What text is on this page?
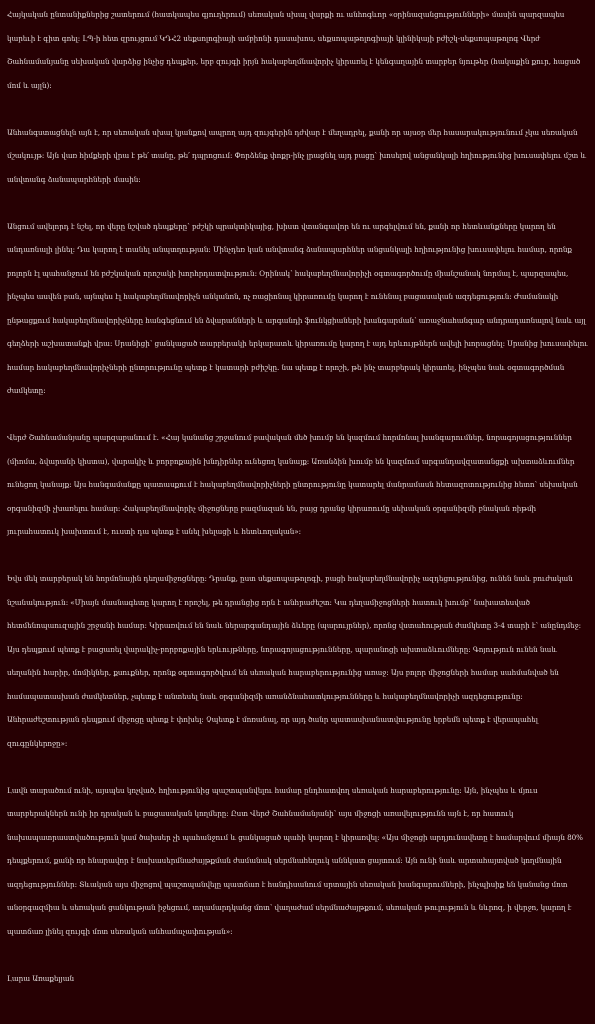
Հայկական ընտանիքներից շատերում (հատկապես գյուղերում) սեռական սխալ վարքի ու անհոգևոր «օրինազանցությունների» մասին պարզապես կարեւի է գիտ գոել: ԼՊ-ի հետ զրույցում ԿԴՀ2 սեքսոլոգիայի ամբիոնի դասախոս, սեքսոպաթոլոգիայի կլինիկայի բժիշկ-սեքսոպաթոլոգ Վերժ Շահնամանյանը սեխական վարձից ինչից դեպքեր, երբ զույգի իրյն հակաբեղմնավորիչ կիրառել է կենգաղային տարբեր նյութեր (հակաքին քուր, հացած մոմ և այլն):

Անհանգստացնելն այն է, որ սեռական սխալ կյանքով ապրող այդ զույգերին դժվար է մեղադրել, քանի որ այսօր մեր հասարակությունում չկա սեռական մշակույթ: Այն վառ հիմքերի վրա է թե՛ տանը, թե՛ դպրոցում: Փորձենք փոքր-ինչ լրացնել այդ բացը՝ խոսելով անցանկալի հղիությունից խուսափելու մշտ և անվտանգ ձանապարհների մասին:

Անցում ավելորդ է նշել, որ վերը նշված դեպքերը՝ բժշկի պրակտիկայից, խիստ վտանգավոր են ու արգելվում են, քանի որ հետևանքները կարող են անդառնալի լինել: Դա կարող է տանել անպտղության: Մինչդեռ կան անվտանգ ձանապարհներ անցանկալի հղիությունից խուսափելու համար, որոնք բոլորն էլ պահանջում են բժշկական որոշակի խորհրդատվություն: Օրինակ՝ հակաբեղմնավորիչի օգտագործումը միանշանակ նորմալ է, պարզապես, ինչպես ասվեն բան, այնպես էլ հակաբեղմնավորիչն անկանոն, ոչ ռացիոնալ կիրառումը կարող է ունենալ բացասական ազդեցություն: Ժամանակի ընթացքում հակաբեղմնավորիչները հանգեցնում են ձվարանների և արգանդի ֆունկցիաների խանգարման՝ առաջնահանգար անդրադառնալով նաև այլ գեղձերի աշխատանքի վրա: Սրանիցի՝ ցանկացած տարբերակի երկարատև կիրառումը կարող է այդ երևույթներն ավելի խորացնել: Սրանից խուսափելու համար հակաբեղմնավորիչների ընտրությունը պետք է կատարի բժիշկը. նա պետք է որոշի, թե ինչ տարբերակ կիրառել, ինչպես նաև օգտագործման ժամկետը:

Վերժ Շահնամանյանը պարզաբանում է. «Հայ կանանց շրջանում բավական մեծ խումբ են կազմում հորմոնալ խանգարումներ, նորագոյացություններ (միոմա, ձվարանի կիստա), վարակիչ և բորբոքային խնդիրներ ունեցող կանայք: Առանձին խումբ են կազմում արգանդավզատանցքի ախտաձևումներ ունեցող կանայք: Այս հանգամանքը պատասքում է հակաբեղմնավորիչների ընտրությունը կատարել մանրամասն հետազոտությունից հետո՝ սեխական օրգանիզմի չխառելու համար: Հակաբեղմնավորիչ միջոցները բազմազան են, բայց դրանց կիրառումը սեխական օրգանիզմի բնական ռիթմի յուրահատուկ խախտում է, ուստի դա պետք է անել խելացի և հետևողական»:

Եվս մեկ տարբերակ են հորմոնային դեղամիջոցները: Դրանք, ըստ սեքսոպաթոլոգի, բացի հակաբեղմնավորիչ ազդեցությունից, ունեն նաև բուժական նշանակություն: «Միայն մասնագետը կարող է որոշել, թե դրանցից որն է անհրաժեշտ: Կա դեղամիջոցների հատուկ խումբ՝ նախատեսված հետմենոպաուզային շրջանի համար: Կիրառվում են նաև ներարգանդային ձևերը (պարույրներ), որոնց վստահության ժամկետը 3-4 տարի է՝ անընդմեջ: Այս դեպքում պետք է բացառել վարակիչ-բորբոքային երևույթները, նորագոյացությունները, պարանոցի ախտաձևումները: Գոյություն ունեն նաև սեղանին հարիր, մոմիկներ, քսուքներ, որոնք օգտագործվում են սեռական հարաբերությունից առաջ: Այս բոլոր միջոցների համար սահմանված են համապատասխան ժամկետներ, չպետք է անտեսել նաև օրգանիզմի առանձնահատկությունները և հակաբեղմնավորիչի ազդեցությունը: Անհրաժեշտության դեպքում միջոցը պետք է փոխել: Չպետք է մոռանալ, որ այդ ծանր պատասխանատվությունը երբեմն պետք է վերապահել զուգընկերոջը»:

Լավն տարածում ունի, այսպես կոչված, հղիությունից պաշտպանվելու համար ընդհատվող սեռական հարաբերությունը: Այն, ինչպես և մյուս տարբերակներն ունի իր դրական և բացասական կողմերը: Ըստ Վերժ Շահնամանյանի՝ այս միջոցի առավելությունն այն է, որ հատուկ նախապատրաստվածություն կամ ծախսեր չի պահանջում և ցանկացած պահի կարող է կիրառվել: «Այս միջոցի արդյունավետը է համարվում միայն 80% դեպքերում, քանի որ հնարավոր է նախասերմնաժայթքման ժամանակ սերմնահեղուկ աննկատ ցայտում: Այն ունի նաև արտահայտված կողմնային ազդեցություններ: Տևական այս միջոցով պաշտպանվելը պատճառ է հանդիսանում սրտային սեռական խանգարումների, ինչպիսիք են կանանց մոտ անօրգազմիա և սեռական ցանկության իջեցում, տղամարդկանց մոտ՝ վաղաժամ սերմնաժայթքում, սեռական թուլություն և նևրոզ, ի վերջո, կարող է պատճառ լինել զույգի մոտ սեռական անհամաչափության»:

Լարա Առաքելյան
